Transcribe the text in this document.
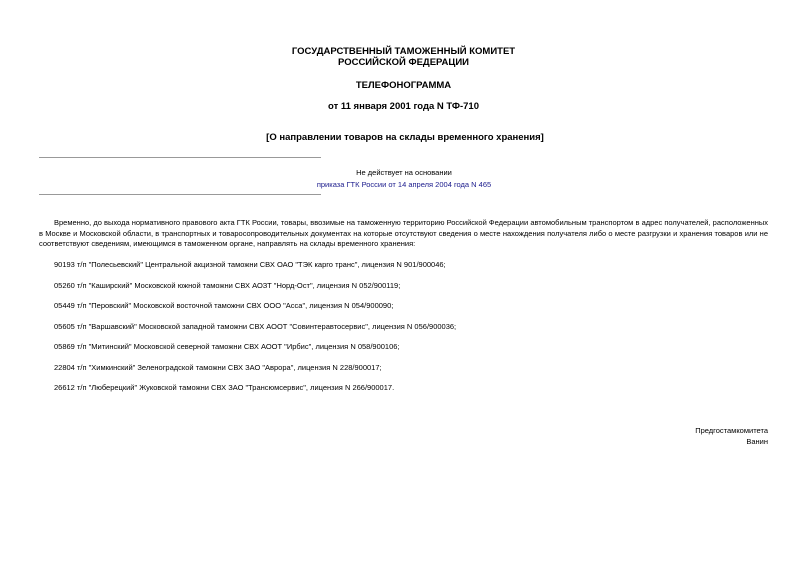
ГОСУДАРСТВЕННЫЙ ТАМОЖЕННЫЙ КОМИТЕТ
РОССИЙСКОЙ ФЕДЕРАЦИИ
ТЕЛЕФОНОГРАММА
от 11 января 2001 года N ТФ-710
[О направлении товаров на склады временного хранения]
Не действует на основании
приказа ГТК России от 14 апреля 2004 года N 465

Временно, до выхода нормативного правового акта ГТК России, товары, ввозимые на таможенную территорию Российской Федерации автомобильным транспортом в адрес получателей, расположенных в Москве и Московской области, в транспортных и товаросопроводительных документах на которые отсутствуют сведения о месте нахождения получателя либо о месте разгрузки и хранения товаров или не соответствуют сведениям, имеющимся в таможенном органе, направлять на склады временного хранения:

90193 т/п "Полесьевский" Центральной акцизной таможни СВХ ОАО "ТЭК карго транс", лицензия N 901/900046;
05260 т/п "Каширский" Московской южной таможни СВХ АОЗТ "Норд-Ост", лицензия N 052/900119;
05449 т/п "Перовский" Московской восточной таможни СВХ ООО "Асса", лицензия N 054/900090;
05605 т/п "Варшавский" Московской западной таможни СВХ АООТ "Совинтеравтосервис", лицензия N 056/900036;
05869 т/п "Митинский" Московской северной таможни СВХ АООТ "Ирбис", лицензия N 058/900106;
22804 т/п "Химкинский" Зеленоградской таможни СВХ ЗАО "Аврора", лицензия N 228/900017;
26612 т/п "Люберецкий" Жуковской таможни СВХ ЗАО "Трансюмсервис", лицензия N 266/900017.
Предгостамкомитета
Ванин
